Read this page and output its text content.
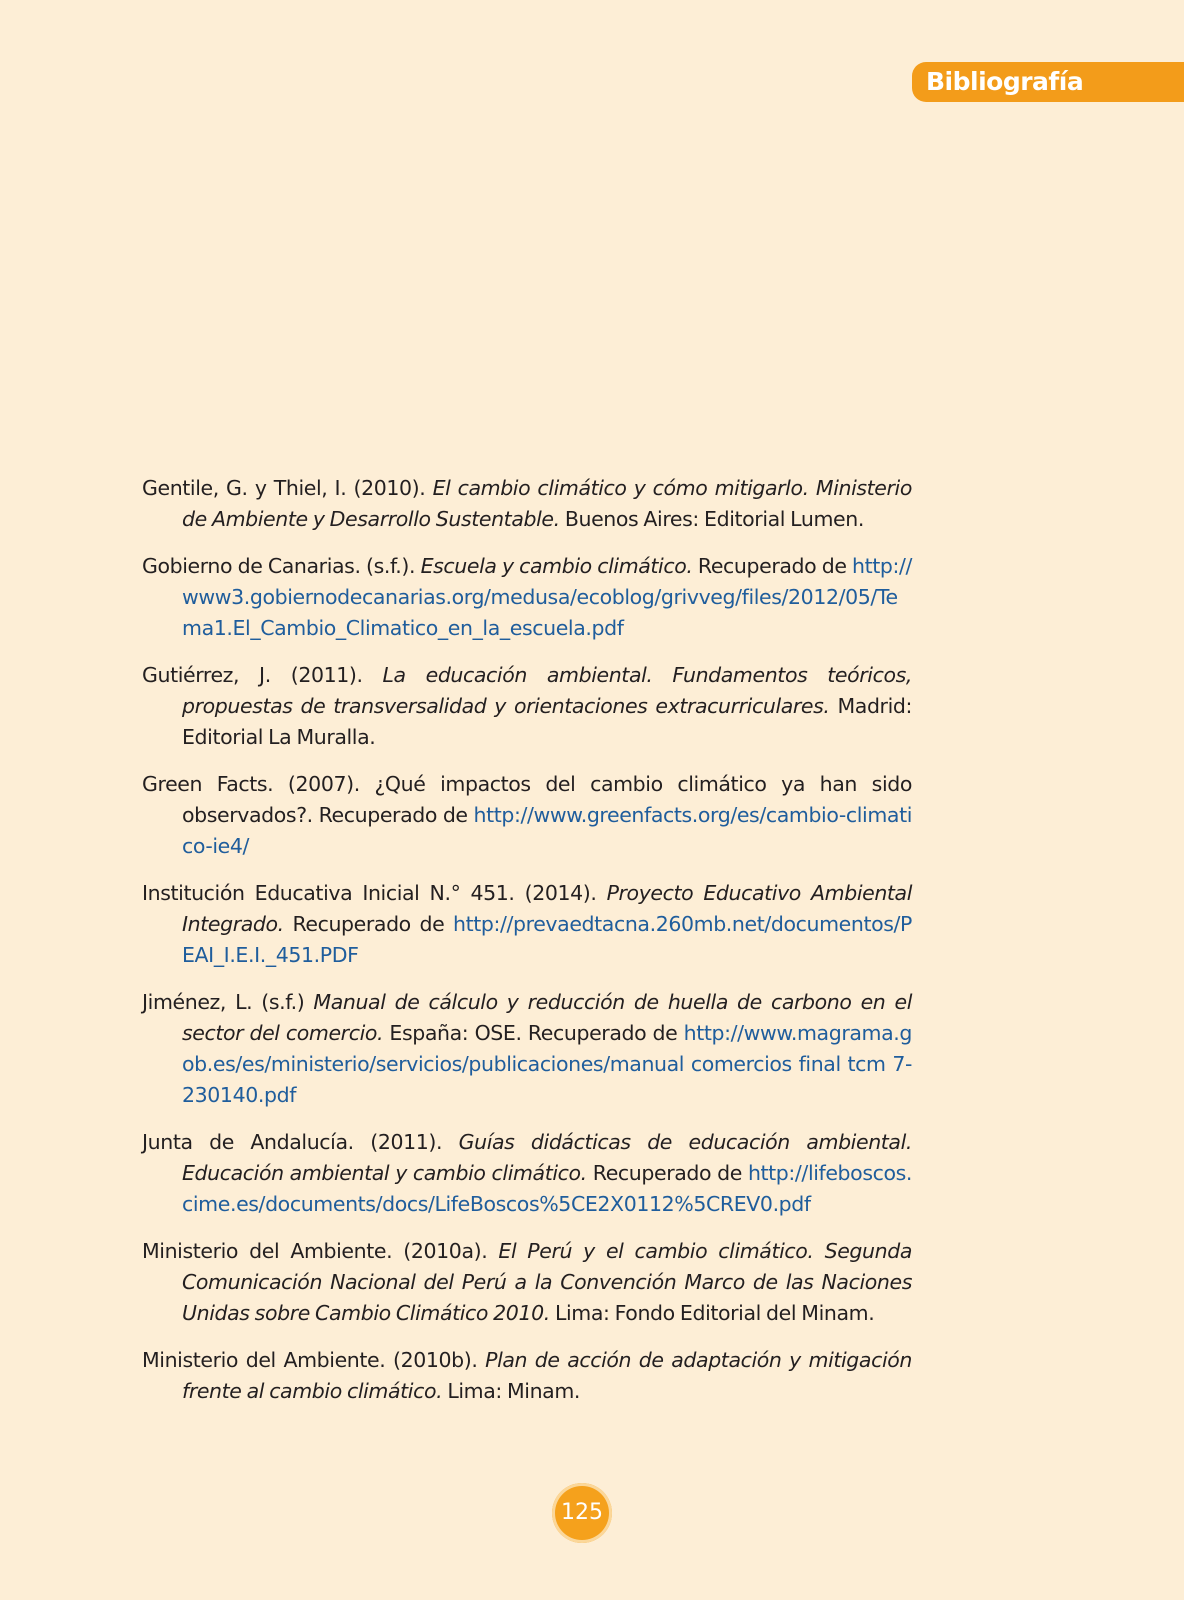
Bibliografía

Gentile, G. y Thiel, I. (2010). El cambio climático y cómo mitigarlo. Ministerio de Ambiente y Desarrollo Sustentable. Buenos Aires: Editorial Lumen.

Gobierno de Canarias. (s.f.). Escuela y cambio climático. Recuperado de http://www3.gobiernodecanarias.org/medusa/ecoblog/grivveg/files/2012/05/Tema1.El_Cambio_Climatico_en_la_escuela.pdf

Gutiérrez, J. (2011). La educación ambiental. Fundamentos teóricos, propuestas de transversalidad y orientaciones extracurriculares. Madrid: Editorial La Muralla.

Green Facts. (2007). ¿Qué impactos del cambio climático ya han sido observados?. Recuperado de http://www.greenfacts.org/es/cambio-climatico-ie4/

Institución Educativa Inicial N.° 451. (2014). Proyecto Educativo Ambiental Integrado. Recuperado de http://prevaedtacna.260mb.net/documentos/PEAI_I.E.I._451.PDF

Jiménez, L. (s.f.) Manual de cálculo y reducción de huella de carbono en el sector del comercio. España: OSE. Recuperado de http://www.magrama.gob.es/es/ministerio/servicios/publicaciones/manual comercios final tcm 7-230140.pdf

Junta de Andalucía. (2011). Guías didácticas de educación ambiental. Educación ambiental y cambio climático. Recuperado de http://lifeboscos.cime.es/documents/docs/LifeBoscos%5CE2X0112%5CREV0.pdf

Ministerio del Ambiente. (2010a). El Perú y el cambio climático. Segunda Comunicación Nacional del Perú a la Convención Marco de las Naciones Unidas sobre Cambio Climático 2010. Lima: Fondo Editorial del Minam.

Ministerio del Ambiente. (2010b). Plan de acción de adaptación y mitigación frente al cambio climático. Lima: Minam.

125
